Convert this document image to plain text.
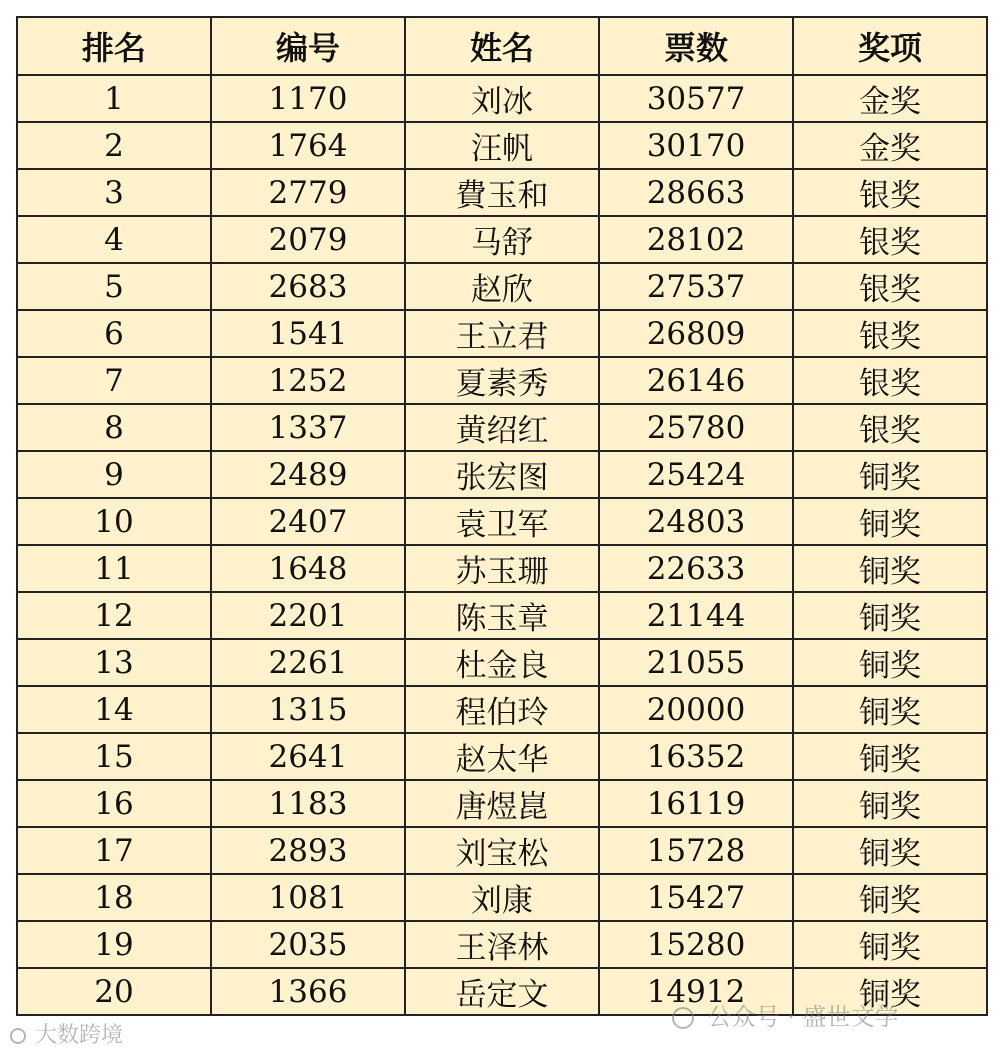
排名	编号	姓名	票数	奖项
1	1170	刘冰	30577	金奖
2	1764	汪帆	30170	金奖
3	2779	費玉和	28663	银奖
4	2079	马舒	28102	银奖
5	2683	赵欣	27537	银奖
6	1541	王立君	26809	银奖
7	1252	夏素秀	26146	银奖
8	1337	黄绍红	25780	银奖
9	2489	张宏图	25424	铜奖
10	2407	袁卫军	24803	铜奖
11	1648	苏玉珊	22633	铜奖
12	2201	陈玉章	21144	铜奖
13	2261	杜金良	21055	铜奖
14	1315	程伯玲	20000	铜奖
15	2641	赵太华	16352	铜奖
16	1183	唐煜崑	16119	铜奖
17	2893	刘宝松	15728	铜奖
18	1081	刘康	15427	铜奖
19	2035	王泽林	15280	铜奖
20	1366	岳定文	14912	铜奖
大数跨境
公众号 · 盛世文学
